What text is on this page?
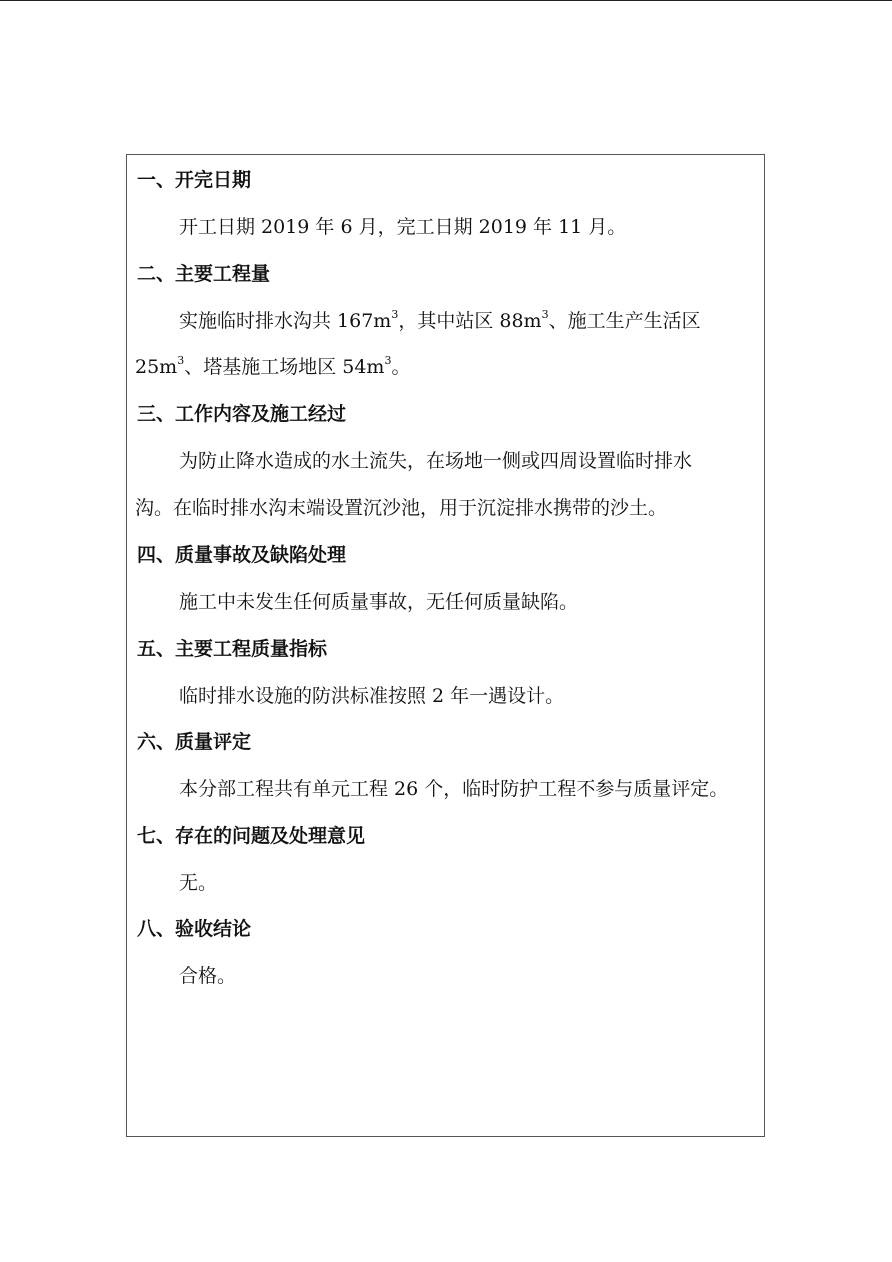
一、开完日期
开工日期 2019 年 6 月，完工日期 2019 年 11 月。
二、主要工程量
实施临时排水沟共 $167m^3$，其中站区 $88m^3$、施工生产生活区
$25m^3$、塔基施工场地区 $54m^3$。
三、工作内容及施工经过
为防止降水造成的水土流失，在场地一侧或四周设置临时排水
沟。在临时排水沟末端设置沉沙池，用于沉淀排水携带的沙土。
四、质量事故及缺陷处理
施工中未发生任何质量事故，无任何质量缺陷。
五、主要工程质量指标
临时排水设施的防洪标准按照 2 年一遇设计。
六、质量评定
本分部工程共有单元工程 26 个，临时防护工程不参与质量评定。
七、存在的问题及处理意见
无。
八、验收结论
合格。
